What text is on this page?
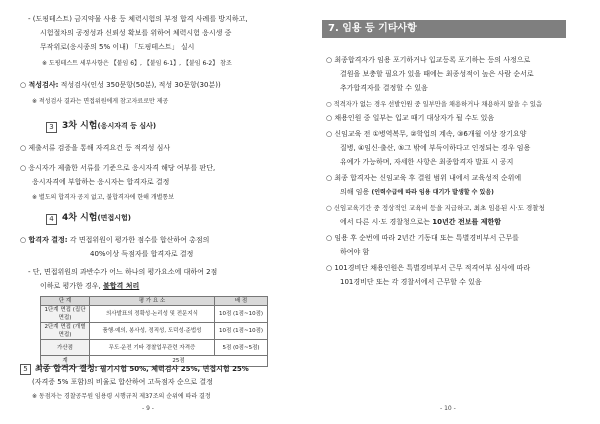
- (도핑테스트) 금지약물 사용 등 체력시험의 부정 합격 사례를 방지하고,
시험절차의 공정성과 신뢰성 확보를 위하여 체력시험 응시생 중
무작위로(응시종의 5% 이내) 「도핑테스트」 실시
※ 도핑테스트 세부사항은 【붙임 6】, 【붙임 6-1】, 【붙임 6-2】 참조
○ 적성검사: 적성검사(인성 350문항(50분), 적성 30문항(30분))
※ 적성검사 결과는 면접위원에게 참고자료로만 제공
3 3차 시험(응시자격 등 심사)
○ 제출서류 검증을 통해 자격요건 등 적격성 심사
○ 응시자가 제출한 서류를 기준으로 응시자격 해당 여부를 판단,
응시자격에 부합하는 응시자는 합격자로 결정
※ 별도의 합격자 공지 없고, 불합격자에 한해 개별통보
4 4차 시험(면접시험)
○ 합격자 결정: 각 면접위원이 평가한 점수를 합산하여 총점의
40%이상 득점자를 합격자로 결정
- 단, 면접위원의 과반수가 어느 하나의 평가요소에 대하여 2점
이하로 평가한 경우, 불합격 처리
단 계	평 가 요 소	배 점
1단계 면접 (집단 면접)	의사발표의 정확성·논리성 및 전문지식	10점 (1점~10점)
2단계 면접 (개별 면접)	품행·예의, 봉사성, 정직성, 도덕성·준법성	10점 (1점~10점)
가산점	무도·운전 기타 경찰업무관련 자격증	5점 (0점~5점)
계	25점	
5 최종 합격자 결정: 필기시험 50%, 체력검사 25%, 면접시험 25%
(자격증 5% 포함)의 비율로 합산하여 고득점자 순으로 결정
※ 동점자는 경찰공무원 임용령 시행규칙 제37조의 순위에 따라 결정
- 9 -
7. 임용 등 기타사항
○ 최종합격자가 임용 포기하거나 입교등록 포기하는 등의 사정으로
결원을 보충할 필요가 있을 때에는 최종성적이 높은 사람 순서로
추가합격자를 결정할 수 있음
○ 적격자가 없는 경우 선발인원 중 일부만을 채용하거나 채용하지 않을 수 있음
○ 채용인원 중 일부는 입교 때기 대상자가 될 수도 있음
○ 신임교육 전 ①병역복무, ②학업의 계속, ③6개월 이상 장기요양
질병, ④임신·출산, ⑤그 밖에 부득이하다고 인정되는 경우 임용
유예가 가능하며, 자세한 사항은 최종합격자 발표 시 공지
○ 최종 합격자는 신임교육 후 결원 범위 내에서 교육성적 순위에
의해 임용 (인력수급에 따라 임용 대기가 발생할 수 있음)
○ 신임교육기간 중 정상적인 교육비 등을 지급하고, 최초 임용된 시·도 경찰청
에서 다른 시·도 경찰청으로는 10년간 전보를 제한함
○ 임용 후 순번에 따라 2년간 기동대 또는 특별경비부서 근무를
하여야 함
○ 101경비단 채용인원은 특별경비부서 근무 적격여부 심사에 따라
101경비단 또는 각 경찰서에서 근무할 수 있음
- 10 -
